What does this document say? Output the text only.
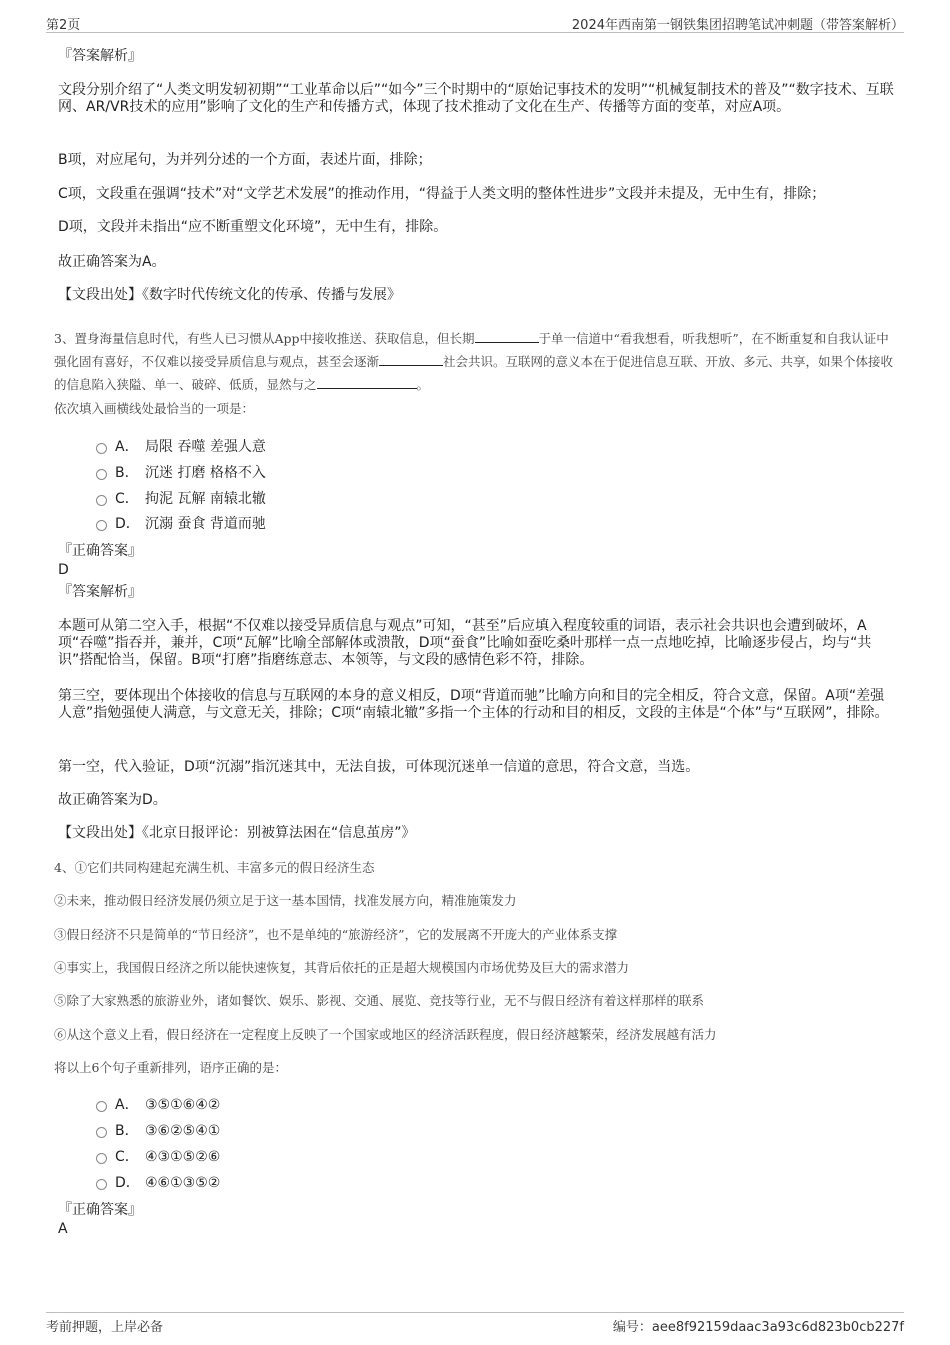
第2页	2024年西南第一钢铁集团招聘笔试冲刺题（带答案解析）
『答案解析』
文段分别介绍了“人类文明发轫初期”“工业革命以后”“如今”三个时期中的“原始记事技术的发明”“机械复制技术的普及”“数字技术、互联网、AR/VR技术的应用”影响了文化的生产和传播方式，体现了技术推动了文化在生产、传播等方面的变革，对应A项。
B项，对应尾句，为并列分述的一个方面，表述片面，排除；
C项，文段重在强调“技术”对“文学艺术发展”的推动作用，“得益于人类文明的整体性进步”文段并未提及，无中生有，排除；
D项，文段并未指出“应不断重塑文化环境”，无中生有，排除。
故正确答案为A。
【文段出处】《数字时代传统文化的传承、传播与发展》
3、置身海量信息时代，有些人已习惯从App中接收推送、获取信息，但长期	于单一信道中“看我想看，听我想听”，在不断重复和自我认证中强化固有喜好，不仅难以接受异质信息与观点，甚至会逐渐	社会共识。互联网的意义本在于促进信息互联、开放、多元、共享，如果个体接收的信息陷入狭隘、单一、破碎、低质，显然与之	。
依次填入画横线处最恰当的一项是：
A． 局限 吞噬 差强人意
B． 沉迷 打磨 格格不入
C． 拘泥 瓦解 南辕北辙
D． 沉溺 蚕食 背道而驰
『正确答案』
D
『答案解析』
本题可从第二空入手，根据“不仅难以接受异质信息与观点”可知，“甚至”后应填入程度较重的词语，表示社会共识也会遭到破坏，A项“吞噬”指吞并，兼并，C项“瓦解”比喻全部解体或溃散，D项“蚕食”比喻如蚕吃桑叶那样一点一点地吃掉，比喻逐步侵占，均与“共识”搭配恰当，保留。B项“打磨”指磨练意志、本领等，与文段的感情色彩不符，排除。
第三空，要体现出个体接收的信息与互联网的本身的意义相反，D项“背道而驰”比喻方向和目的完全相反，符合文意，保留。A项“差强人意”指勉强使人满意，与文意无关，排除；C项“南辕北辙”多指一个主体的行动和目的相反，文段的主体是“个体”与“互联网”，排除。
第一空，代入验证，D项“沉溺”指沉迷其中，无法自拔，可体现沉迷单一信道的意思，符合文意，当选。
故正确答案为D。
【文段出处】《北京日报评论：别被算法困在“信息茧房”》
4、①它们共同构建起充满生机、丰富多元的假日经济生态
②未来，推动假日经济发展仍须立足于这一基本国情，找准发展方向，精准施策发力
③假日经济不只是简单的“节日经济”，也不是单纯的“旅游经济”，它的发展离不开庞大的产业体系支撑
④事实上，我国假日经济之所以能快速恢复，其背后依托的正是超大规模国内市场优势及巨大的需求潜力
⑤除了大家熟悉的旅游业外，诸如餐饮、娱乐、影视、交通、展览、竞技等行业，无不与假日经济有着这样那样的联系
⑥从这个意义上看，假日经济在一定程度上反映了一个国家或地区的经济活跃程度，假日经济越繁荣，经济发展越有活力
将以上6个句子重新排列，语序正确的是：
A． ③⑤①⑥④②
B． ③⑥②⑤④①
C． ④③①⑤②⑥
D． ④⑥①③⑤②
『正确答案』
A
考前押题，上岸必备	编号：aee8f92159daac3a93c6d823b0cb227f
